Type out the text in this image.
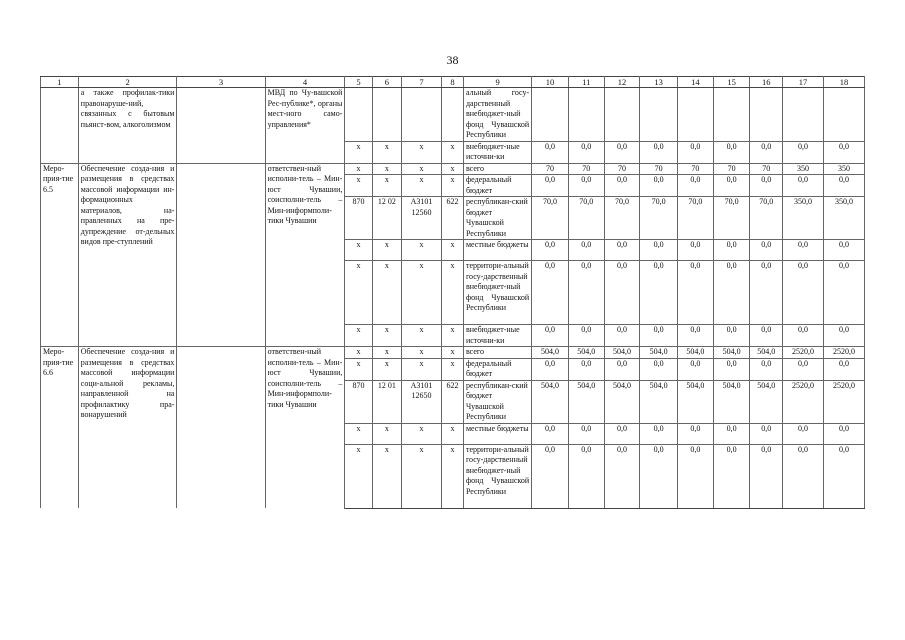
38
1	2	3	4	5	6	7	8	9	10	11	12	13	14	15	16	17	18
	а также профилак-тики правонаруше-ний, связанных с бытовым пьянст-вом, алкоголизмом		МВД по Чу-вашской Рес-публике*, органы мест-ного само-управления*					альный госу-дарственный внебюджет-ный фонд Чувашской Республики									
				x	x	x	x	внебюджет-ные источни-ки	0,0	0,0	0,0	0,0	0,0	0,0	0,0	0,0	0,0
Меро-прия-тие 6.5	Обеспечение созда-ния и размещения в средствах массовой информации ин-формационных материалов, на-правленных на пре-дупреждение от-дельных видов пре-ступлений		ответствен-ный исполни-тель – Мин-юст Чувашии, соисполни-тель – Мин-информпoли-тики Чувашии	x	x	x	x	всего	70	70	70	70	70	70	70	350	350
				x	x	x	x	федеральный бюджет	0,0	0,0	0,0	0,0	0,0	0,0	0,0	0,0	0,0
				870	12 02	А3101 12560	622	республикан-ский бюджет Чувашской Республики	70,0	70,0	70,0	70,0	70,0	70,0	70,0	350,0	350,0
				x	x	x	x	местные бюджеты	0,0	0,0	0,0	0,0	0,0	0,0	0,0	0,0	0,0
				x	x	x	x	территори-альный госу-дарственный внебюджет-ный фонд Чувашской Республики	0,0	0,0	0,0	0,0	0,0	0,0	0,0	0,0	0,0
				x	x	x	x	внебюджет-ные источни-ки	0,0	0,0	0,0	0,0	0,0	0,0	0,0	0,0	0,0
Меро-прия-тие 6.6	Обеспечение созда-ния и размещения в средствах массовой информации соци-альной рекламы, направленной на профилактику пра-вонарушений		ответствен-ный исполни-тель – Мин-юст Чувашии, соисполни-тель – Мин-информпoли-тики Чувашии	x	x	x	x	всего	504,0	504,0	504,0	504,0	504,0	504,0	504,0	2520,0	2520,0
				x	x	x	x	федеральный бюджет	0,0	0,0	0,0	0,0	0,0	0,0	0,0	0,0	0,0
				870	12 01	А3101 12650	622	республикан-ский бюджет Чувашской Республики	504,0	504,0	504,0	504,0	504,0	504,0	504,0	2520,0	2520,0
				x	x	x	x	местные бюджеты	0,0	0,0	0,0	0,0	0,0	0,0	0,0	0,0	0,0
				x	x	x	x	территори-альный госу-дарственный внебюджет-ный фонд Чувашской Республики	0,0	0,0	0,0	0,0	0,0	0,0	0,0	0,0	0,0
